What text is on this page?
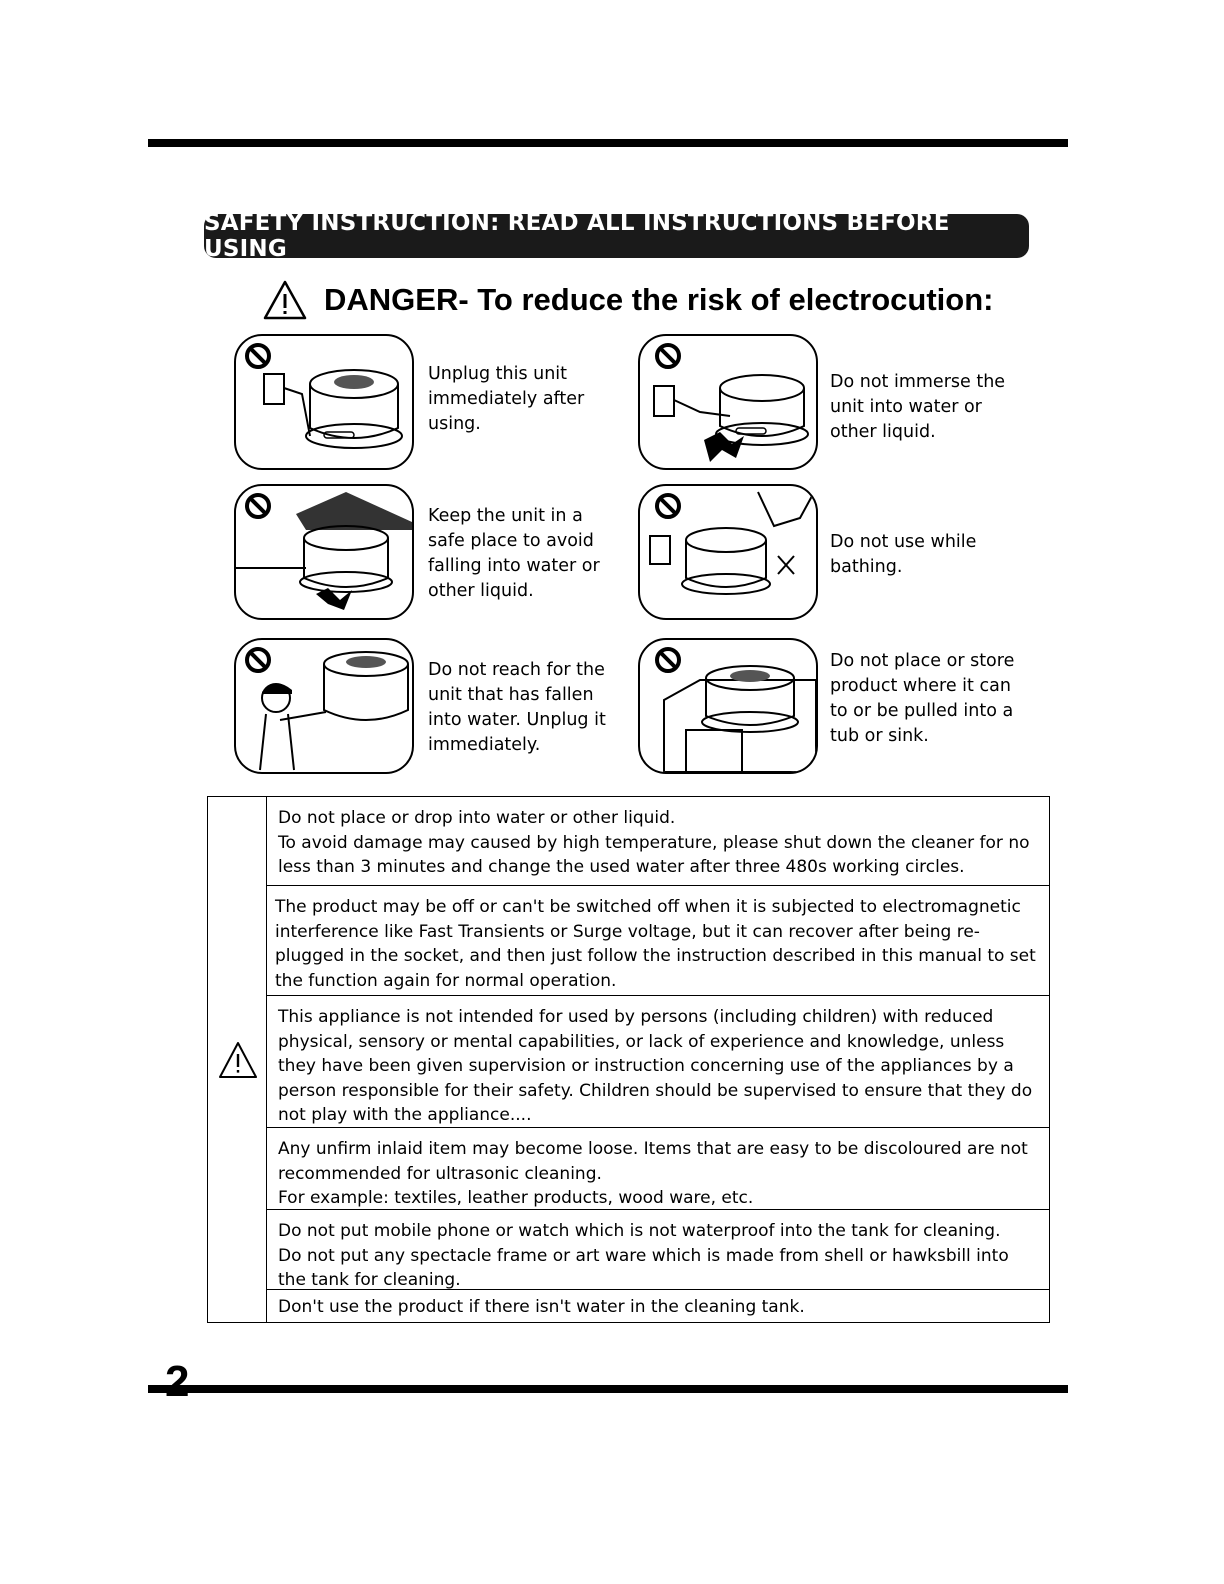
SAFETY INSTRUCTION: READ ALL INSTRUCTIONS BEFORE USING
DANGER- To reduce the risk of electrocution:
Unplug this unit immediately after using.
Do not immerse the unit into water or other liquid.
Keep the unit in a safe place to avoid falling into water or other liquid.
Do not use while bathing.
Do not reach for the unit that has fallen into water. Unplug it immediately.
Do not place or store product where it can to or be pulled into a tub or sink.

Do not place or drop into water or other liquid.

To avoid damage may caused by high temperature, please shut down the cleaner for no less than 3 minutes and change the used water after three 480s working circles.

The product may be off or can't be switched off when it is subjected to electromagnetic interference like Fast Transients or Surge voltage, but it can recover after being re-plugged in the socket, and then just follow the instruction described in this manual to set the function again for normal operation.

This appliance is not intended for used by persons (including children) with reduced physical, sensory or mental capabilities, or lack of experience and knowledge, unless they have been given supervision or instruction concerning use of the appliances by a person responsible for their safety. Children should be supervised to ensure that they do not play with the appliance....

Any unfirm inlaid item may become loose. Items that are easy to be discoloured are not recommended for ultrasonic cleaning.

For example: textiles, leather products, wood ware, etc.

Do not put mobile phone or watch which is not waterproof into the tank for cleaning.

Do not put any spectacle frame or art ware which is made from shell or hawksbill into the tank for cleaning.

Don't use the product if there isn't water in the cleaning tank.

2
